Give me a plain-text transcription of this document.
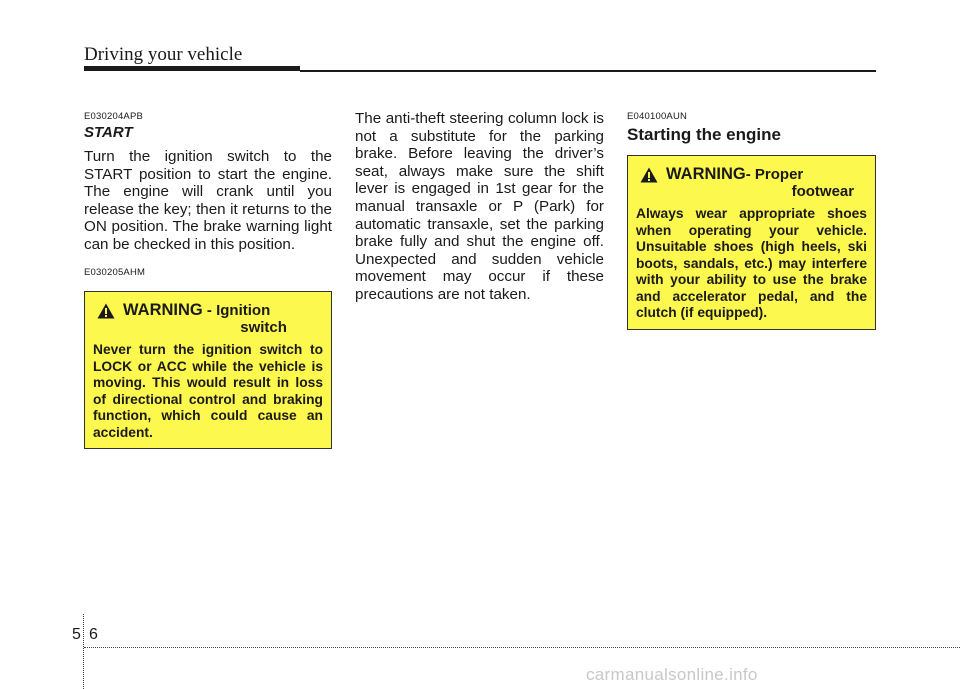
Driving your vehicle
E030204APB
START

Turn the ignition switch to the START position to start the engine. The engine will crank until you release the key; then it returns to the ON position. The brake warning light can be checked in this position.

E030205AHM
WARNING - Ignition
switch

Never turn the ignition switch to LOCK or ACC while the vehicle is moving. This would result in loss of directional control and braking function, which could cause an accident.

The anti-theft steering column lock is not a substitute for the parking brake. Before leaving the driver’s seat, always make sure the shift lever is engaged in 1st gear for the manual transaxle or P (Park) for automatic transaxle, set the parking brake fully and shut the engine off. Unexpected and sudden vehicle movement may occur if these precautions are not taken.

E040100AUN
Starting the engine
WARNING - Proper
footwear

Always wear appropriate shoes when operating your vehicle. Unsuitable shoes (high heels, ski boots, sandals, etc.) may interfere with your ability to use the brake and accelerator pedal, and the clutch (if equipped).

5 6
carmanualsonline.info
